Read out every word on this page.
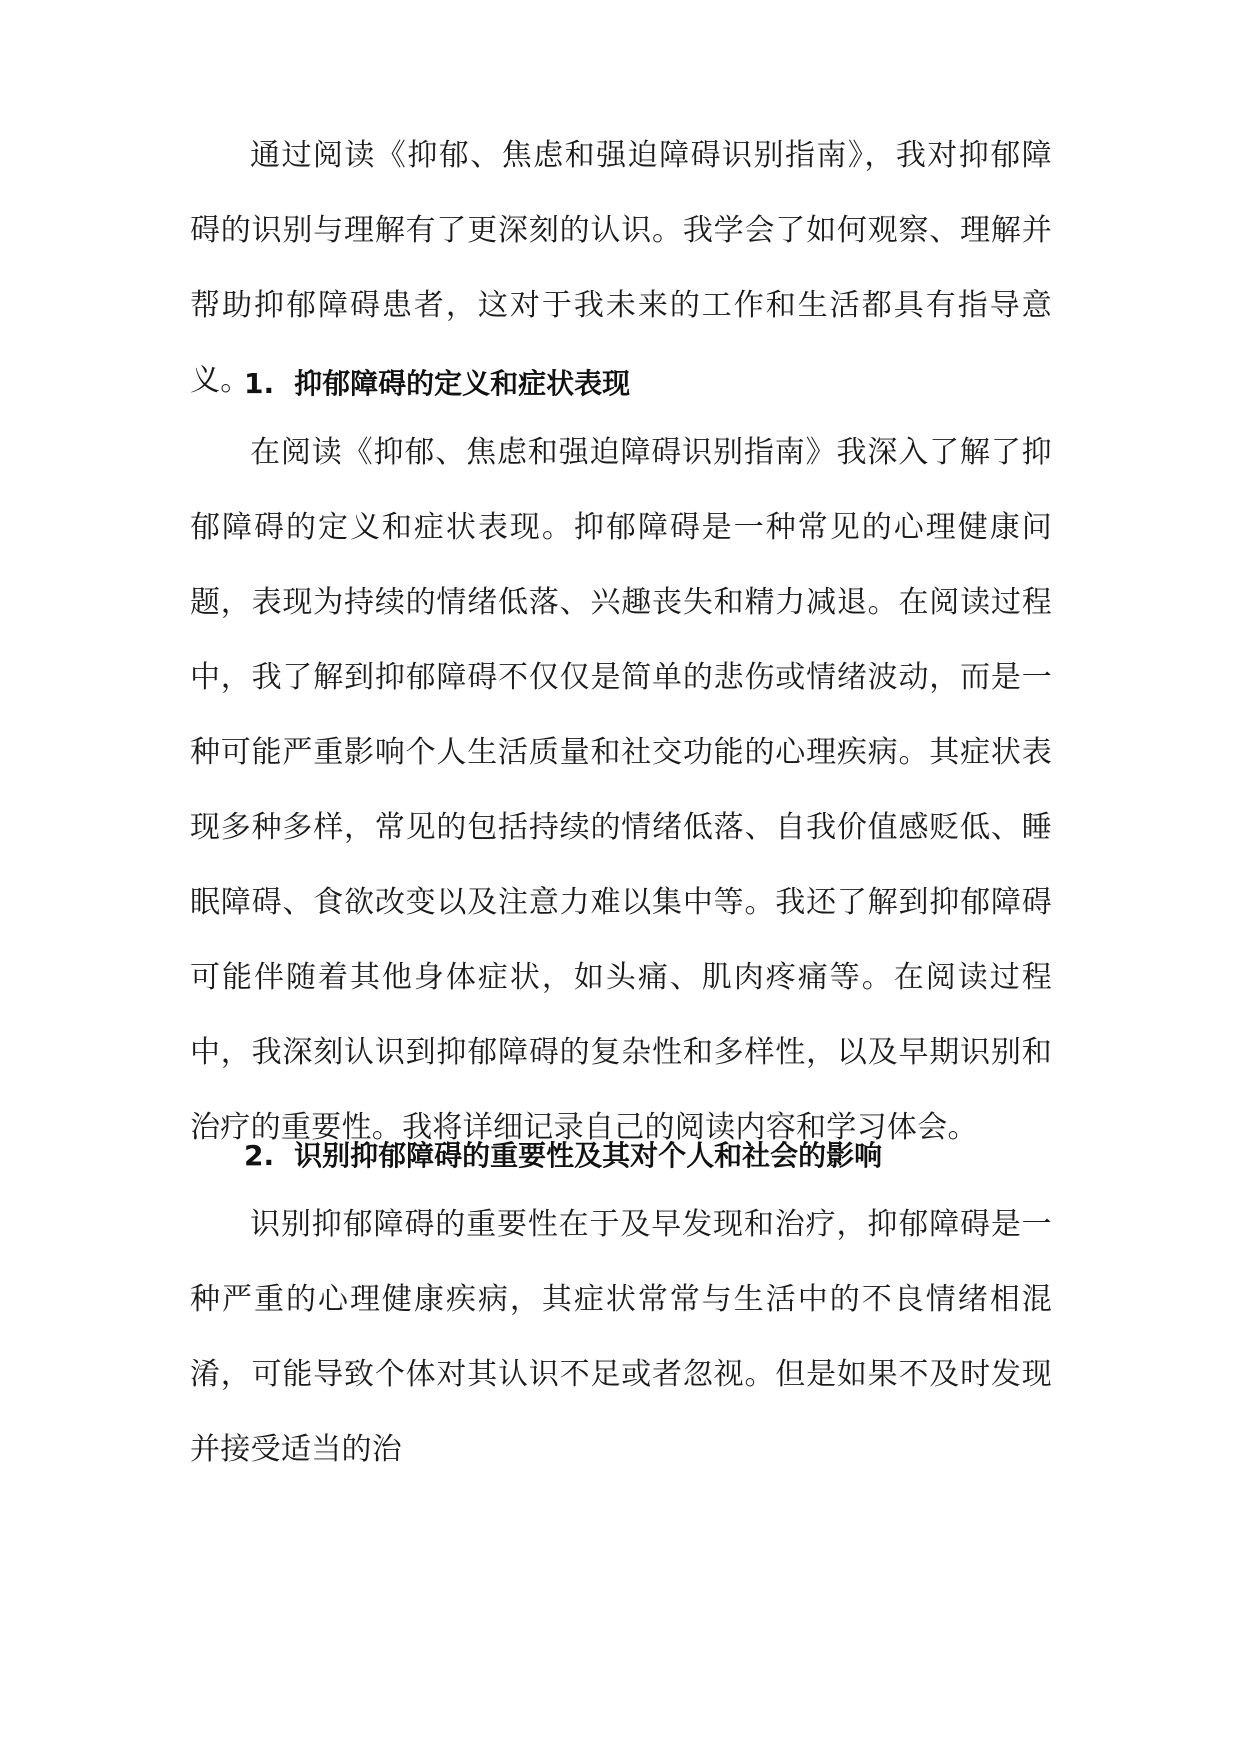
通过阅读《抑郁、焦虑和强迫障碍识别指南》，我对抑郁障碍的识别与理解有了更深刻的认识。我学会了如何观察、理解并帮助抑郁障碍患者，这对于我未来的工作和生活都具有指导意义。

1. 抑郁障碍的定义和症状表现

在阅读《抑郁、焦虑和强迫障碍识别指南》我深入了解了抑郁障碍的定义和症状表现。抑郁障碍是一种常见的心理健康问题，表现为持续的情绪低落、兴趣丧失和精力减退。在阅读过程中，我了解到抑郁障碍不仅仅是简单的悲伤或情绪波动，而是一种可能严重影响个人生活质量和社交功能的心理疾病。其症状表现多种多样，常见的包括持续的情绪低落、自我价值感贬低、睡眠障碍、食欲改变以及注意力难以集中等。我还了解到抑郁障碍可能伴随着其他身体症状，如头痛、肌肉疼痛等。在阅读过程中，我深刻认识到抑郁障碍的复杂性和多样性，以及早期识别和治疗的重要性。我将详细记录自己的阅读内容和学习体会。

2. 识别抑郁障碍的重要性及其对个人和社会的影响

识别抑郁障碍的重要性在于及早发现和治疗，抑郁障碍是一种严重的心理健康疾病，其症状常常与生活中的不良情绪相混淆，可能导致个体对其认识不足或者忽视。但是如果不及时发现并接受适当的治
